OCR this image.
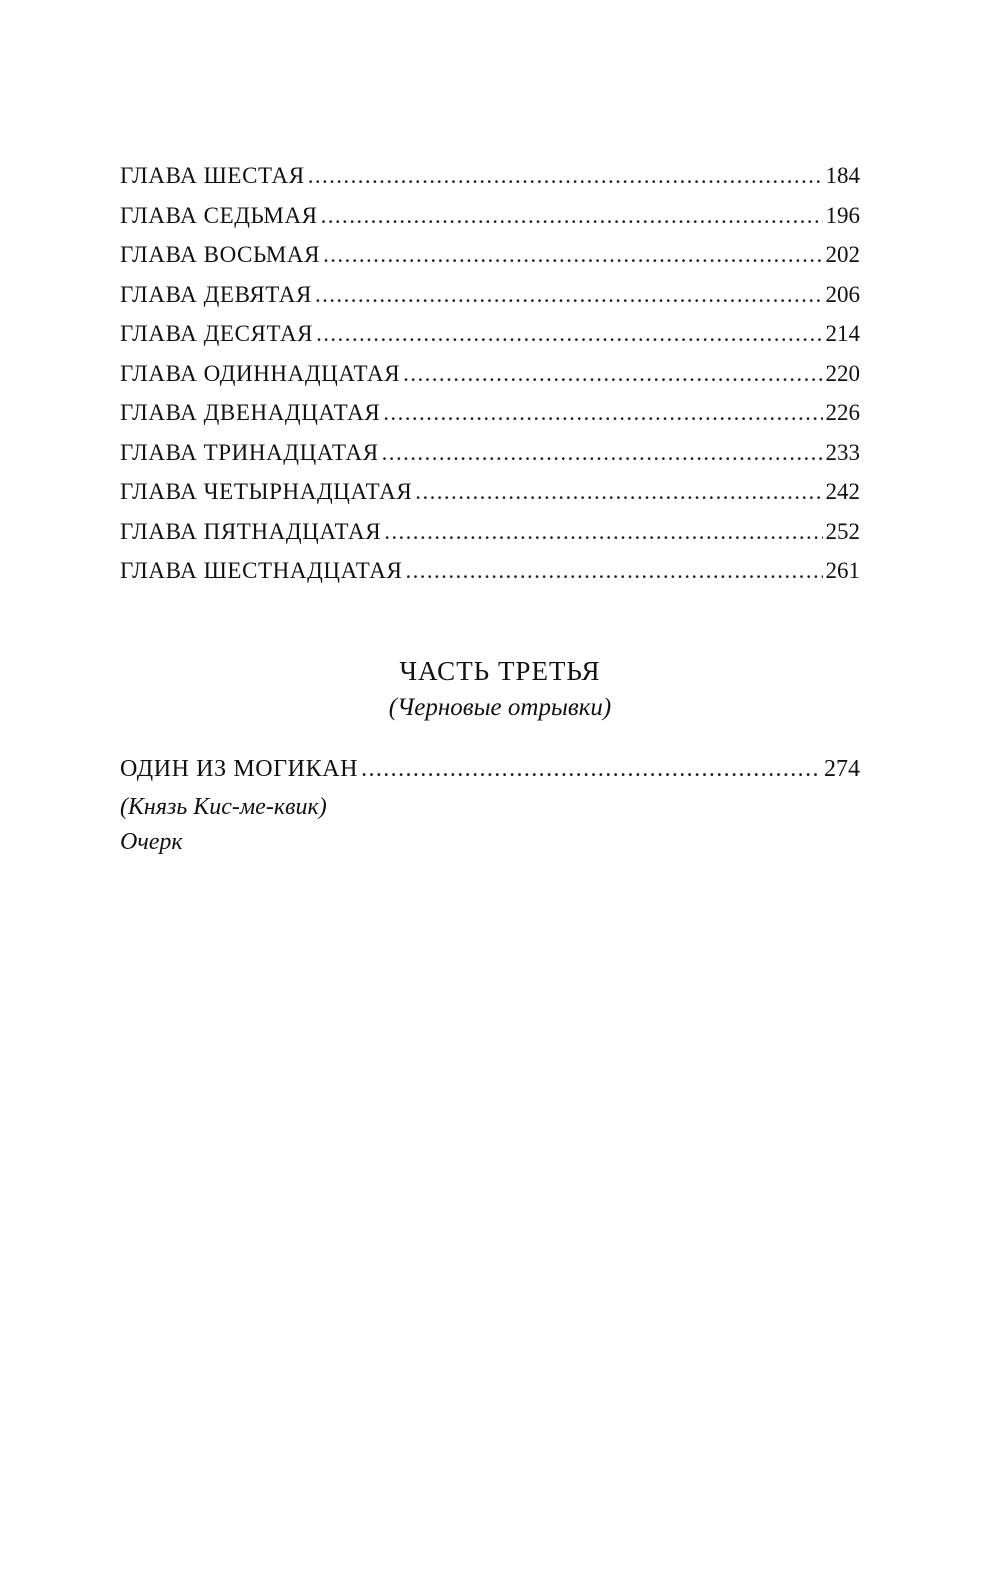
ГЛАВА ШЕСТАЯ .....	184
ГЛАВА СЕДЬМАЯ .....	196
ГЛАВА ВОСЬМАЯ .....	202
ГЛАВА ДЕВЯТАЯ .....	206
ГЛАВА ДЕСЯТАЯ .....	214
ГЛАВА ОДИННАДЦАТАЯ .....	220
ГЛАВА ДВЕНАДЦАТАЯ .....	226
ГЛАВА ТРИНАДЦАТАЯ .....	233
ГЛАВА ЧЕТЫРНАДЦАТАЯ .....	242
ГЛАВА ПЯТНАДЦАТАЯ .....	252
ГЛАВА ШЕСТНАДЦАТАЯ .....	261
ЧАСТЬ ТРЕТЬЯ
(Черновые отрывки)
ОДИН ИЗ МОГИКАН .....	274
(Князь Кис-ме-квик)
Очерк
